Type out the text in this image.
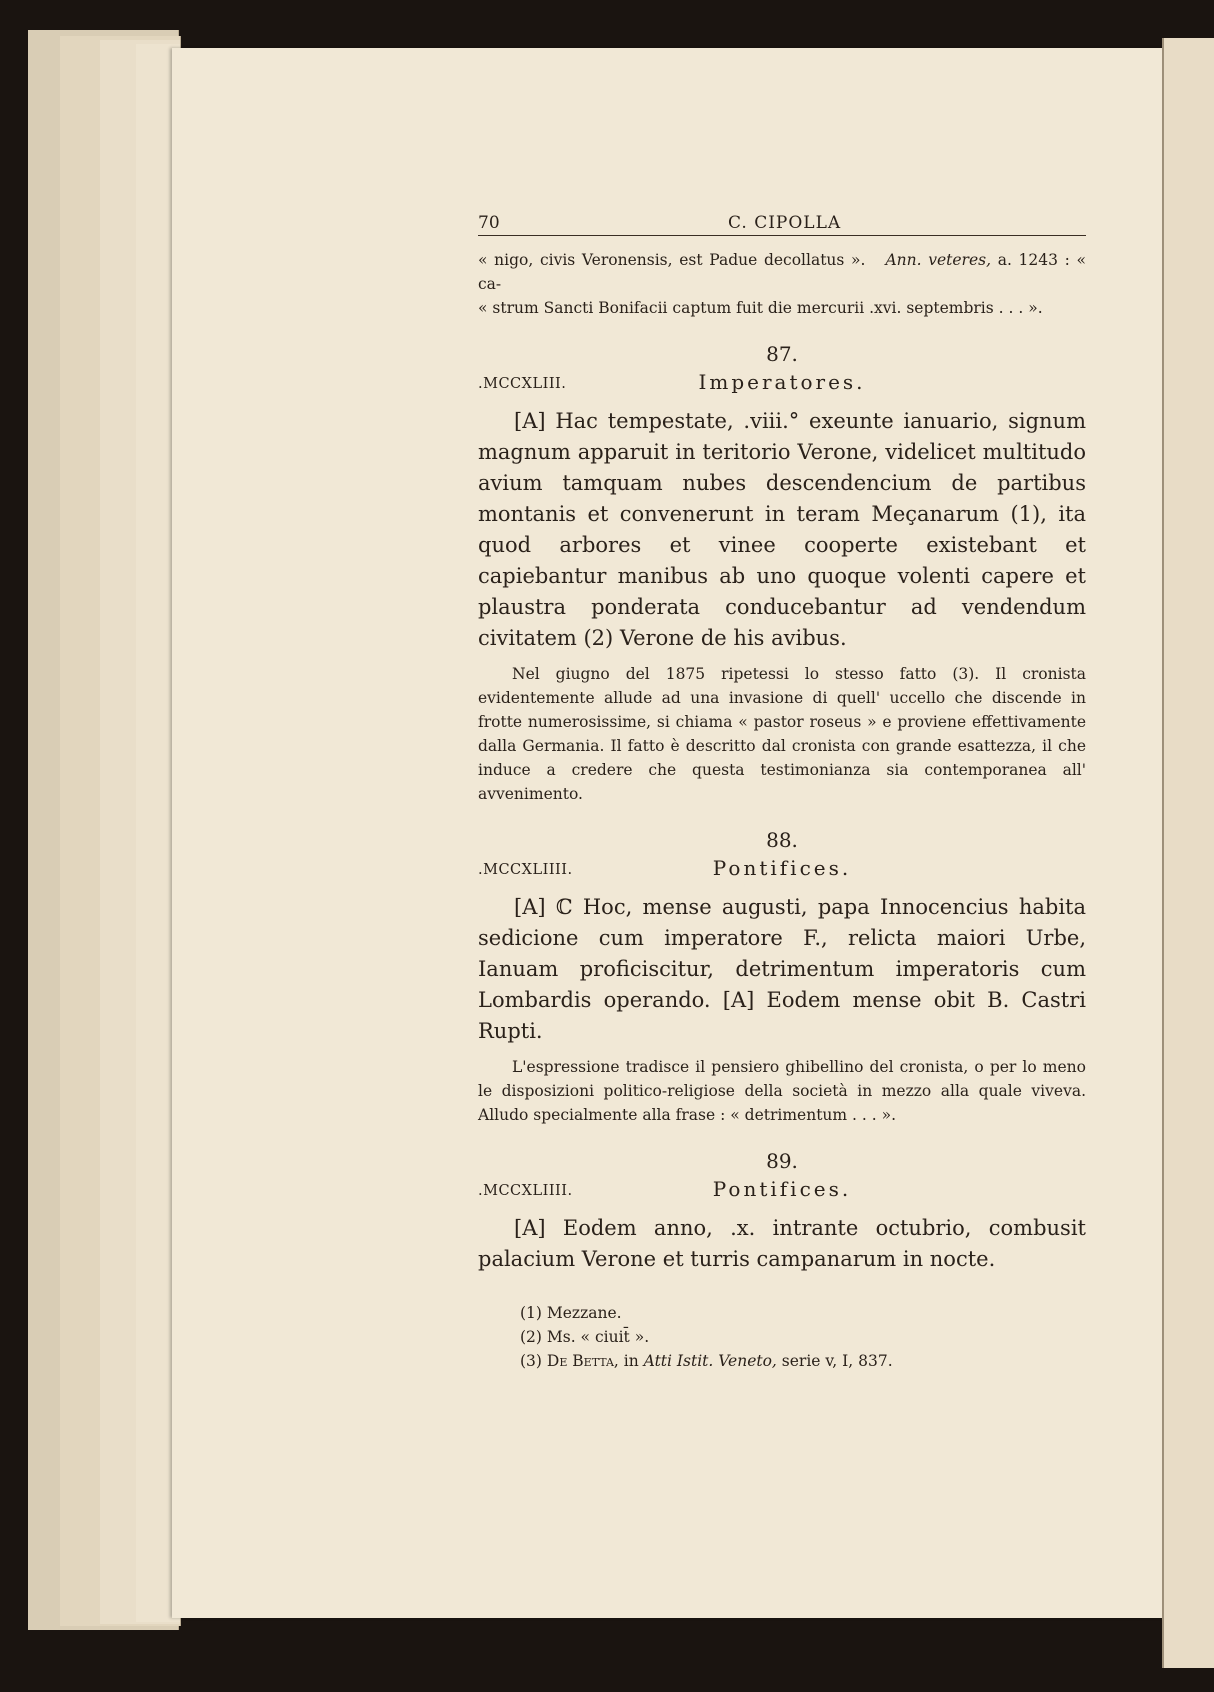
70	C. CIPOLLA
« nigo, civis Veronensis, est Padue decollatus ». Ann. veteres, a. 1243 : « ca-
« strum Sancti Bonifacii captum fuit die mercurii .xvi. septembris . . . ».
87.
.MCCXLIII.	Imperatores.

[A] Hac tempestate, .viii.° exeunte ianuario, signum magnum apparuit in teritorio Verone, videlicet multitudo avium tamquam nubes descendencium de partibus montanis et convenerunt in teram Meçanarum (1), ita quod arbores et vinee cooperte existebant et capiebantur manibus ab uno quoque volenti capere et plaustra ponderata conducebantur ad vendendum civitatem (2) Verone de his avibus.

Nel giugno del 1875 ripetessi lo stesso fatto (3). Il cronista evidentemente allude ad una invasione di quell' uccello che discende in frotte numerosissime, si chiama « pastor roseus » e proviene effettivamente dalla Germania. Il fatto è descritto dal cronista con grande esattezza, il che induce a credere che questa testimonianza sia contemporanea all' avvenimento.

88.
.MCCXLIIII.	Pontifices.

[A] ℂ Hoc, mense augusti, papa Innocencius habita sedicione cum imperatore F., relicta maiori Urbe, Ianuam proficiscitur, detrimentum imperatoris cum Lombardis operando. [A] Eodem mense obit B. Castri Rupti.

L'espressione tradisce il pensiero ghibellino del cronista, o per lo meno le disposizioni politico-religiose della società in mezzo alla quale viveva. Alludo specialmente alla frase : « detrimentum . . . ».

89.
.MCCXLIIII.	Pontifices.

[A] Eodem anno, .x. intrante octubrio, combusit palacium Verone et turris campanarum in nocte.

(1) Mezzane.
(2) Ms. « ciuit̄ ».
(3) De Betta, in Atti Istit. Veneto, serie v, I, 837.
